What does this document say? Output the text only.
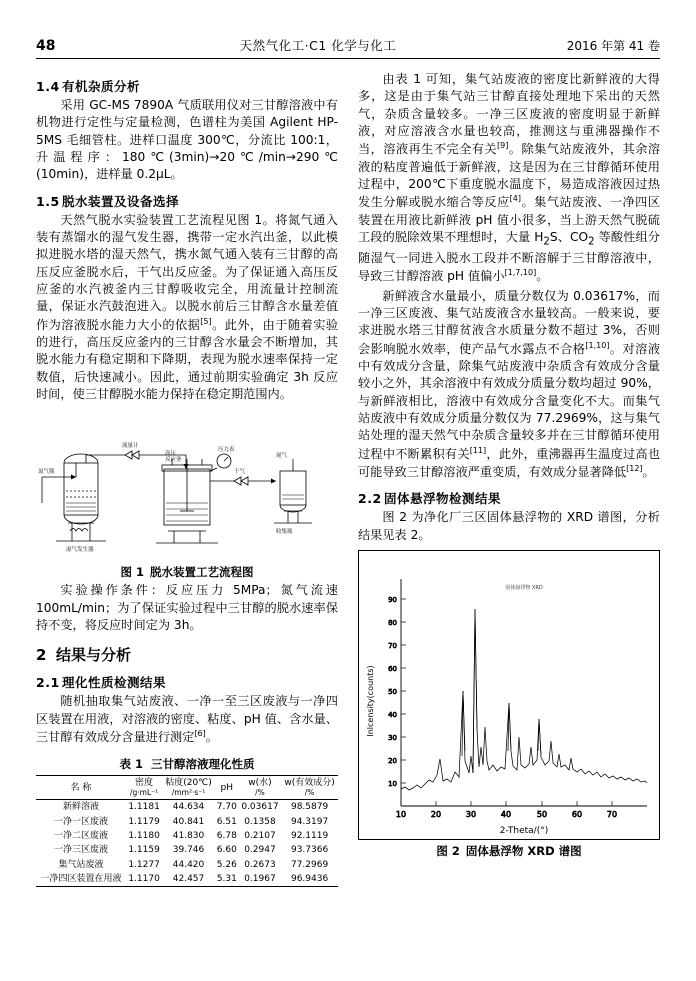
48	天然气化工·C1 化学与化工	2016 年第 41 卷
1.4 有机杂质分析

采用 GC-MS 7890A 气质联用仪对三甘醇溶液中有机物进行定性与定量检测，色谱柱为美国 Agilent HP-5MS 毛细管柱。进样口温度 300℃，分流比 100:1，升温程序：180℃(3min)→20℃/min→290℃ (10min)，进样量 0.2μL。

1.5 脱水装置及设备选择

天然气脱水实验装置工艺流程见图 1。将氮气通入装有蒸馏水的湿气发生器，携带一定水汽出釜，以此模拟进脱水塔的湿天然气，携水氮气通入装有三甘醇的高压反应釜脱水后，干气出反应釜。为了保证通入高压反应釜的水汽被釜内三甘醇吸收完全，用流量计控制流量，保证水汽鼓泡进入。以脱水前后三甘醇含水量差值作为溶液脱水能力大小的依据[5]。此外，由于随着实验的进行，高压反应釜内的三甘醇含水量会不断增加，其脱水能力有稳定期和下降期，表现为脱水速率保持一定数值，后快速减小。因此，通过前期实验确定 3h 反应时间，使三甘醇脱水能力保持在稳定期范围内。

氮气瓶
湿气发生器
流量计
高压
反应釜
压力表
干气
尾气
收集瓶
图 1 脱水装置工艺流程图

实验操作条件：反应压力 5MPa；氮气流速 100mL/min；为了保证实验过程中三甘醇的脱水速率保持不变，将反应时间定为 3h。

2 结果与分析
2.1 理化性质检测结果

随机抽取集气站废液、一净一至三区废液与一净四区装置在用液，对溶液的密度、粘度、pH 值、含水量、三甘醇有效成分含量进行测定[6]。

表 1 三甘醇溶液理化性质
名 称	密度
/g·mL⁻¹	粘度(20℃)
/mm²·s⁻¹	pH	w(水)
/%	w(有效成分)
/%

新鲜溶液	1.1181	44.634	7.70	0.03617	98.5879
一净一区废液	1.1179	40.841	6.51	0.1358	94.3197
一净二区废液	1.1180	41.830	6.78	0.2107	92.1119
一净三区废液	1.1159	39.746	6.60	0.2947	93.7366
集气站废液	1.1277	44.420	5.26	0.2673	77.2969
一净四区装置在用液	1.1170	42.457	5.31	0.1967	96.9436

由表 1 可知，集气站废液的密度比新鲜液的大得多，这是由于集气站三甘醇直接处理地下采出的天然气，杂质含量较多。一净三区废液的密度明显于新鲜液，对应溶液含水量也较高，推测这与重沸器操作不当，溶液再生不完全有关[9]。除集气站废液外，其余溶液的粘度普遍低于新鲜液，这是因为在三甘醇循环使用过程中，200℃下重度脱水温度下，易造成溶液因过热发生分解或脱水缩合等反应[4]。集气站废液、一净四区装置在用液比新鲜液 pH 值小很多，当上游天然气脱硫工段的脱除效果不理想时，大量 $H_2S$、$CO_2$ 等酸性组分随湿气一同进入脱水工段并不断溶解于三甘醇溶液中，导致三甘醇溶液 pH 值偏小[1,7,10]。

新鲜液含水量最小，质量分数仅为 0.03617%，而一净三区废液、集气站废液含水量较高。一般来说，要求进脱水塔三甘醇贫液含水质量分数不超过 3%，否则会影响脱水效率，使产品气水露点不合格[1,10]。对溶液中有效成分含量，除集气站废液中杂质含有效成分含量较小之外，其余溶液中有效成分质量分数均超过 90%，与新鲜液相比，溶液中有效成分含量变化不大。而集气站废液中有效成分质量分数仅为 77.2969%，这与集气站处理的湿天然气中杂质含量较多并在三甘醇循环使用过程中不断累积有关[11]，此外，重沸器再生温度过高也可能导致三甘醇溶液严重变质，有效成分显著降低[12]。

2.2 固体悬浮物检测结果

图 2 为净化厂三区固体悬浮物的 XRD 谱图，分析结果见表 2。

固体悬浮物 XRD
10
20
30
40
50
60
70
80
90
10	20	30	40	50	60	70
Inlcensity(counts)
2-Theta/(°)
图 2 固体悬浮物 XRD 谱图
